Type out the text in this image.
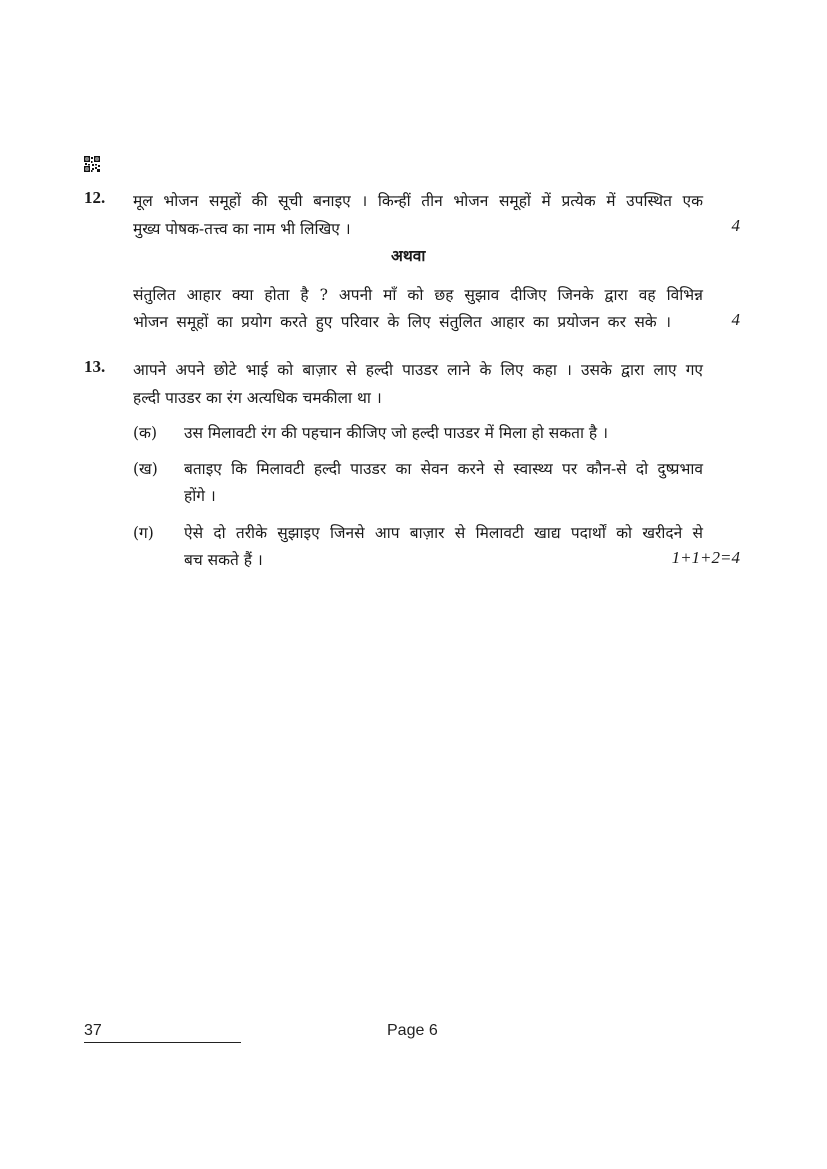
12. मूल भोजन समूहों की सूची बनाइए । किन्हीं तीन भोजन समूहों में प्रत्येक में उपस्थित एक
मुख्य पोषक-तत्त्व का नाम भी लिखिए ।	4
अथवा
संतुलित आहार क्या होता है ? अपनी माँ को छह सुझाव दीजिए जिनके द्वारा वह विभिन्न
भोजन समूहों का प्रयोग करते हुए परिवार के लिए संतुलित आहार का प्रयोजन कर सके ।	4
13. आपने अपने छोटे भाई को बाज़ार से हल्दी पाउडर लाने के लिए कहा । उसके द्वारा लाए गए
हल्दी पाउडर का रंग अत्यधिक चमकीला था ।
(क) उस मिलावटी रंग की पहचान कीजिए जो हल्दी पाउडर में मिला हो सकता है ।
(ख) बताइए कि मिलावटी हल्दी पाउडर का सेवन करने से स्वास्थ्य पर कौन-से दो दुष्प्रभाव
होंगे ।
(ग) ऐसे दो तरीके सुझाइए जिनसे आप बाज़ार से मिलावटी खाद्य पदार्थों को खरीदने से
बच सकते हैं ।	1+1+2=4
37	Page 6
